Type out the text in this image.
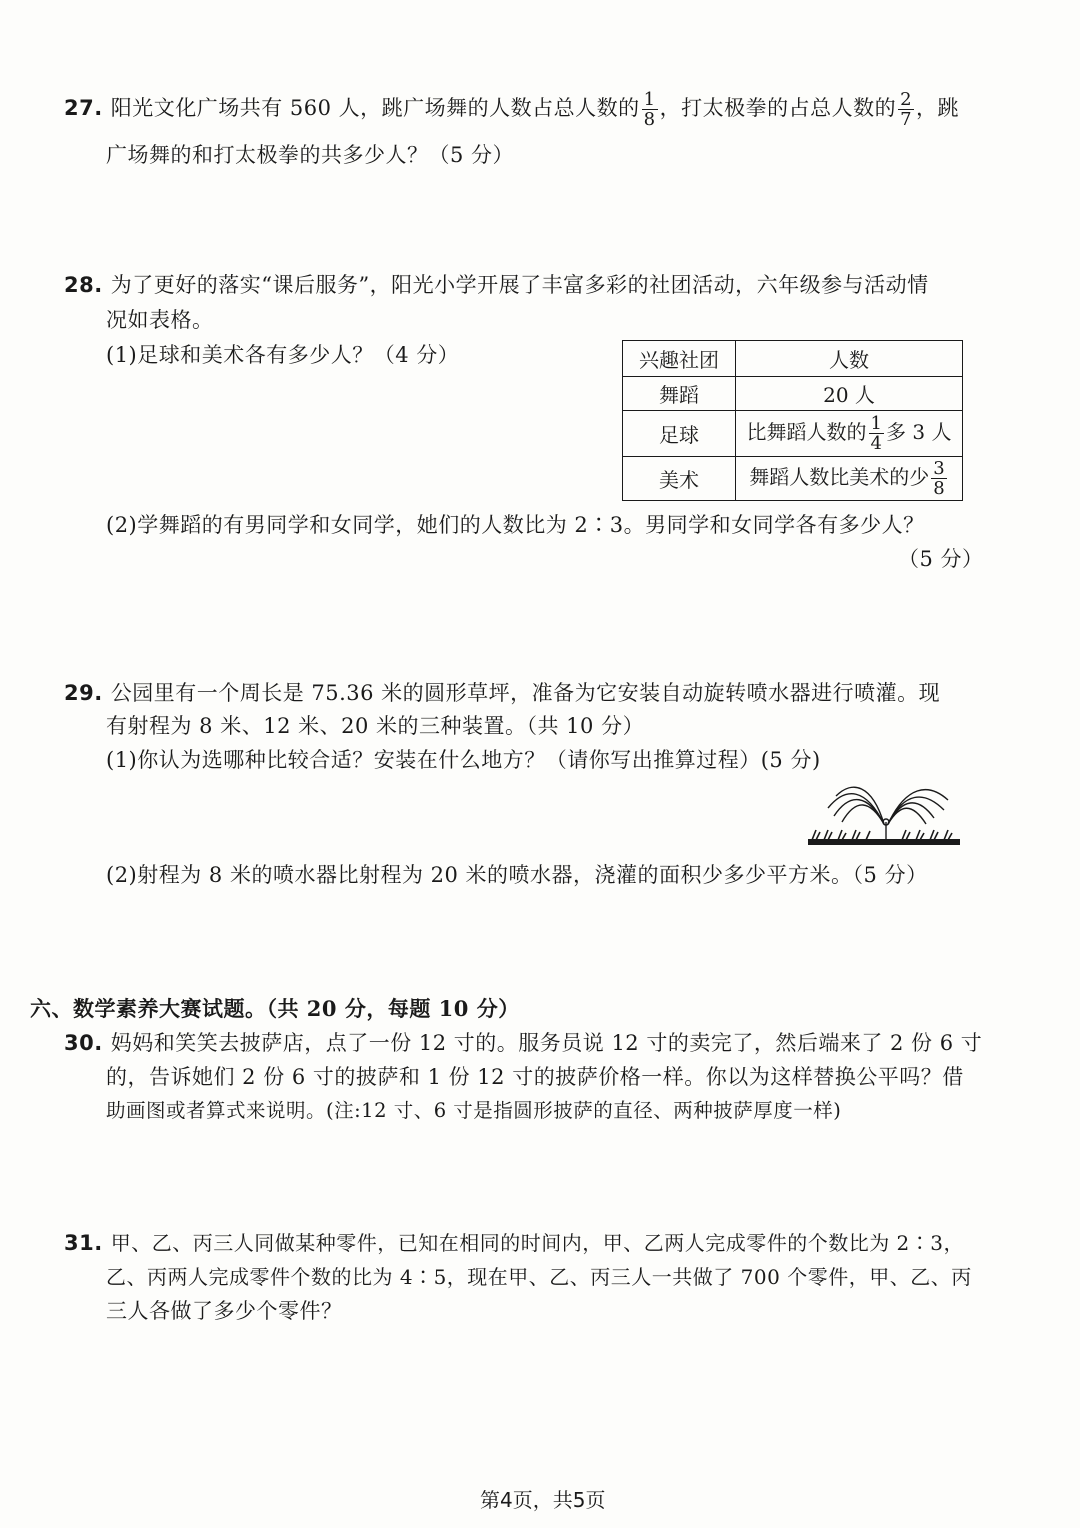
27. 阳光文化广场共有 560 人，跳广场舞的人数占总人数的 $\frac{1}{8}$ ，打太极拳的占总人数的 $\frac{2}{7}$ ，跳
广场舞的和打太极拳的共多少人？（5 分）
28. 为了更好的落实“课后服务”，阳光小学开展了丰富多彩的社团活动，六年级参与活动情
况如表格。
(1)足球和美术各有多少人？（4 分）	兴趣社团	人数
舞蹈	20 人
足球	比舞蹈人数的 $\frac{1}{4}$ 多 3 人
美术	舞蹈人数比美术的少 $\frac{3}{8}$
(2)学舞蹈的有男同学和女同学，她们的人数比为 2∶3。男同学和女同学各有多少人？
（5 分）
29. 公园里有一个周长是 75.36 米的圆形草坪，准备为它安装自动旋转喷水器进行喷灌。现
有射程为 8 米、12 米、20 米的三种装置。（共 10 分）
(1)你认为选哪种比较合适？安装在什么地方？（请你写出推算过程）(5 分)
(2)射程为 8 米的喷水器比射程为 20 米的喷水器，浇灌的面积少多少平方米。（5 分）
六、数学素养大赛试题。（共 20 分，每题 10 分）
30. 妈妈和笑笑去披萨店，点了一份 12 寸的。服务员说 12 寸的卖完了，然后端来了 2 份 6 寸
的，告诉她们 2 份 6 寸的披萨和 1 份 12 寸的披萨价格一样。你以为这样替换公平吗？借
助画图或者算式来说明。(注:12 寸、6 寸是指圆形披萨的直径、两种披萨厚度一样)
31. 甲、乙、丙三人同做某种零件，已知在相同的时间内，甲、乙两人完成零件的个数比为 2∶3，
乙、丙两人完成零件个数的比为 4∶5，现在甲、乙、丙三人一共做了 700 个零件，甲、乙、丙
三人各做了多少个零件？
第4页，共5页
